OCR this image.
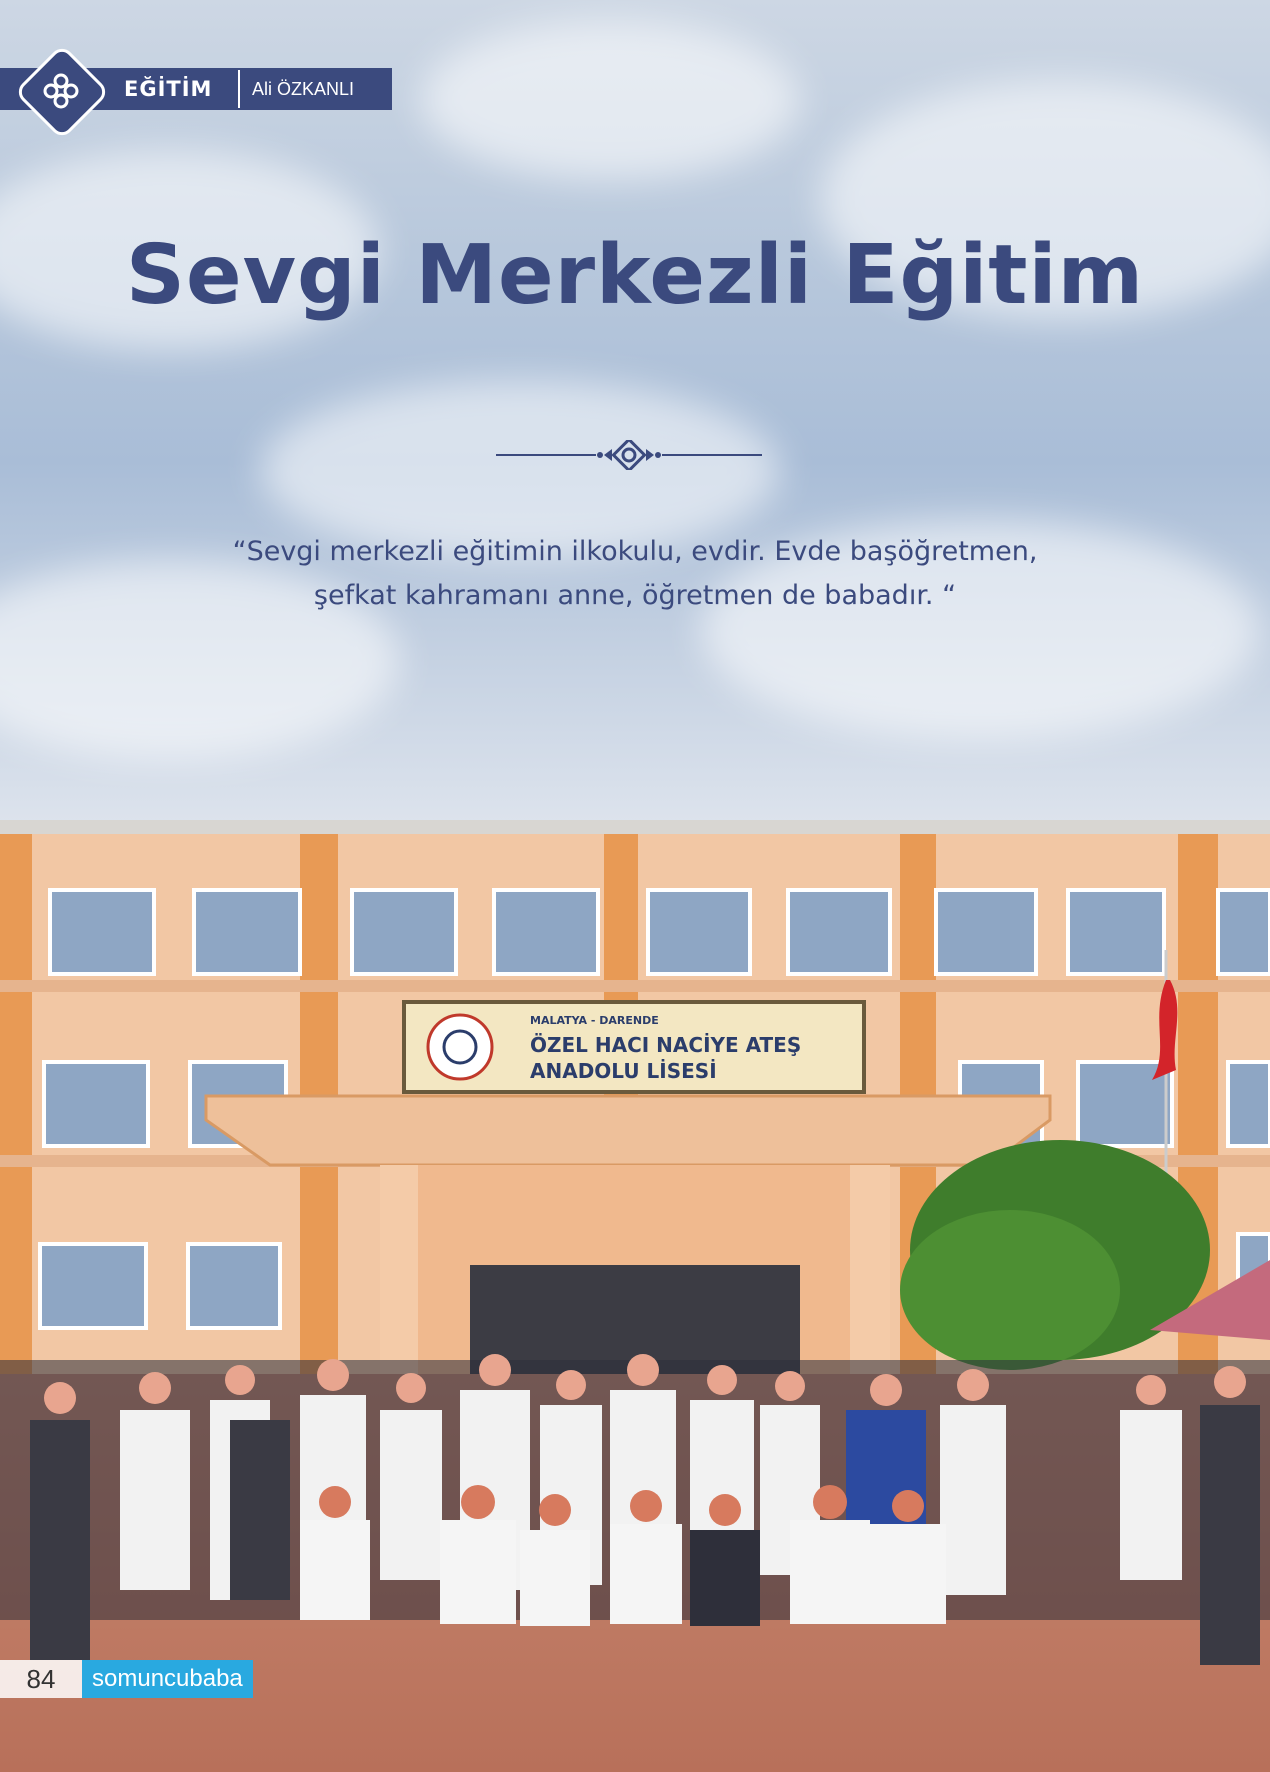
EĞİTİM Ali ÖZKANLI
Sevgi Merkezli Eğitim
“Sevgi merkezli eğitimin ilkokulu, evdir. Evde başöğretmen,
şefkat kahramanı anne, öğretmen de babadır. “
MALATYA - DARENDE
ÖZEL HACI NACİYE ATEŞ
ANADOLU LİSESİ
84	somuncubaba
